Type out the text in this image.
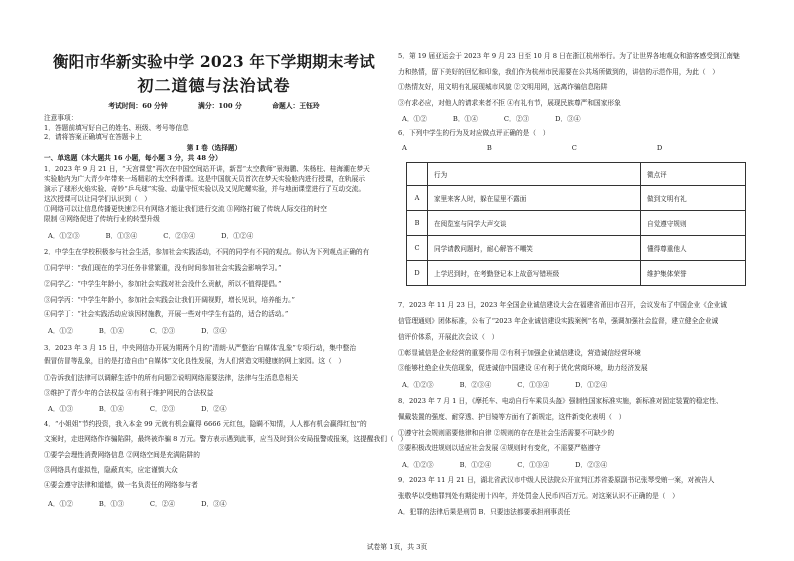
衡阳市华新实验中学 2023 年下学期期末考试
初二道德与法治试卷
考试时间：60 分钟	满分：100 分	命题人：王钰玲
注意事项：
1．答题前填写好自己的姓名、班级、考号等信息
2．请将答案正确填写在答题卡上
第 I 卷（选择题）
一、单选题（本大题共 16 小题，每小题 3 分，共 48 分）
1．2023 年 9 月 21 日，“天宫课堂”再次在中国空间站开讲，新晋“太空教师”景海鹏、朱杨柱、桂海潮在梦天
实验舱内为广大青少年带来一场精彩的太空科普课。这是中国航天员首次在梦天实验舱内进行授课，在轨展示
演示了球形火焰实验、奇妙“乒乓球”实验、动量守恒实验以及又见陀螺实验，并与地面课堂进行了互动交流。
这次授课可以让同学们认识到（　）
①网络可以让信息传播更快速②只有网络才能让我们进行交流 ③网络打破了传统人际交往的时空
限制 ④网络促进了传统行业的转型升级
A．①②③	B．①③④	C．②③④	D．①②④
2．中学生在学校积极参与社会生活，参加社会实践活动，不同的同学有不同的观点。你认为下列观点正确的有
①同学甲：“我们现在的学习任务非常繁重，没有时间参加社会实践会影响学习。”
②同学乙：“中学生年龄小，参加社会实践对社会没什么贡献，所以不值得提倡。”
③同学丙：“中学生年龄小，参加社会实践会让我们开阔视野，增长见识，培养能力。”
④同学丁：“社会实践活动应该因材施教，开展一些对中学生有益的，适合的活动。”
A．①②	B．①④	C．②③	D．③④
3．2023 年 3 月 15 日，中央网信办开展为期两个月的“清朗·从严整治‘自媒体’乱象”专项行动，集中整治
假冒仿冒等乱象，目的是打造自由“自媒体”文化良性发展，为人们营造文明健康的网上家园。这（　）
①告诉我们法律可以调解生活中的所有问题②说明网络需要法律，法律与生活息息相关
③维护了青少年的合法权益 ④有利于维护网民的合法权益
A．①③	B．①④	C．②③	D．②④
4．“小姐姐”节约投资，我入本金 99 元就有机会赢得 6666 元红包，隐瞒不知情，人人都有机会赢得红包”的
文案时，走进网络作诈骗陷阱，最终被诈骗 8 万元。警方表示遇到此事，应当及时到公安局报警或报案，这提醒我们（　）
①要学会理性消费网络信息 ②网络空间是充满陷阱的
③网络具有虚拟性，隐蔽真实，应定谨慎大众
④要会遵守法律和道德，做一名负责任的网络参与者
A．①②	B．①③	C．②④	D．③④
5．第 19 届亚运会于 2023 年 9 月 23 日至 10 月 8 日在浙江杭州举行。为了让世界各地观众和游客感受到江南魅
力和热情，留下美好的回忆和印象，我们作为杭州市民需要在公共场所做到的，讲信的示范作用，为此（　）
①热情友好，用文明有礼展现城市风貌 ②文明用网，远离诈骗信息陷阱
③有求必应，对他人的请求来者不拒 ④有礼有节，展现民族尊严和国家形象
A．①②	B．①④	C．②③	D．③④
6．下列中学生的行为及对应做点评正确的是（　）
A	B	C	D
	行为	微点评
A	家里来客人时，躲在屋里不露面	做到文明有礼
B	在阅览室与同学大声交谈	自觉遵守规则
C	同学请教问题时，耐心解答不嘲笑	懂得尊重他人
D	上学迟到时，在考勤登记本上故意写错班级	维护集体荣誉
7．2023 年 11 月 23 日，2023 年全国企业诚信建设大会在福建省莆田市召开，会议发布了中国企业《企业诚
信管理通则》团体标准，公布了“2023 年企业诚信建设实践案例”名单，强调加强社会监督，建立健全企业诚
信评价体系，开展此次会议（　）
①彰显诚信是企业经营的重要作用 ②有利于加强企业诚信建设，营造诚信经营环境
③能够杜绝企业失信现象，促进诚信中国建设 ④有利于优化营商环境，助力经济发展
A．①②③	B．②③④	C．①③④	D．①②④
8．2023 年 7 月 1 日，《摩托车、电动自行车乘员头盔》强制性国家标准实施，新标准对固定装置的稳定性、
佩戴装置的强度、耐穿透、护目镜等方面有了新规定，这件新变化表明（　）
①遵守社会规则需要他律和自律 ②规则的存在是社会生活需要不可缺少的
③要积极改进规则以适应社会发展 ④规则时有变化，不需要严格遵守
A．①②③	B．①②④	C．①③④	D．②③④
9．2023 年 11 月 21 日，湖北省武汉市中级人民法院公开宣判江苏省委原副书记张琴受贿一案，对被告人
张敬华以受贿罪判处有期徒刑十四年，并处罚金人民币四百万元。对这案认识不正确的是（　）
A．犯罪的法律后果是刑罚 B．只要违法都要承担刑事责任
试卷第 1页，共 3页
